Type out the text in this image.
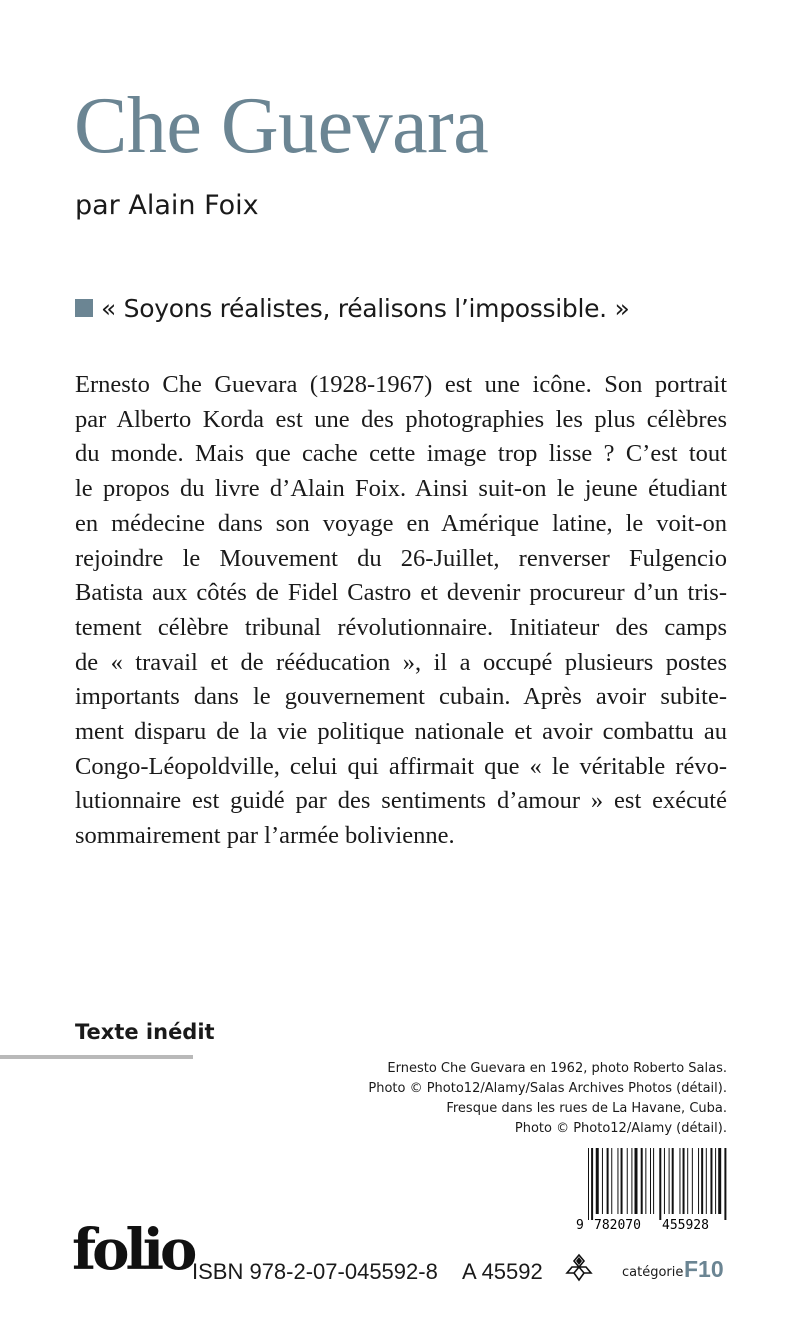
Che Guevara
par Alain Foix
« Soyons réalistes, réalisons l’impossible. »
Ernesto Che Guevara (1928-1967) est une icône. Son portrait
par Alberto Korda est une des photographies les plus célèbres
du monde. Mais que cache cette image trop lisse ? C’est tout
le propos du livre d’Alain Foix. Ainsi suit-on le jeune étudiant
en médecine dans son voyage en Amérique latine, le voit-on
rejoindre le Mouvement du 26-Juillet, renverser Fulgencio
Batista aux côtés de Fidel Castro et devenir procureur d’un tris-
tement célèbre tribunal révolutionnaire. Initiateur des camps
de « travail et de rééducation », il a occupé plusieurs postes
importants dans le gouvernement cubain. Après avoir subite-
ment disparu de la vie politique nationale et avoir combattu au
Congo-Léopoldville, celui qui affirmait que « le véritable révo-
lutionnaire est guidé par des sentiments d’amour » est exécuté
sommairement par l’armée bolivienne.
Texte inédit
Ernesto Che Guevara en 1962, photo Roberto Salas.
Photo © Photo12/Alamy/Salas Archives Photos (détail).
Fresque dans les rues de La Havane, Cuba.
Photo © Photo12/Alamy (détail).
9 782070 455928
folio
ISBN 978-2-07-045592-8 A 45592	catégorie F10
